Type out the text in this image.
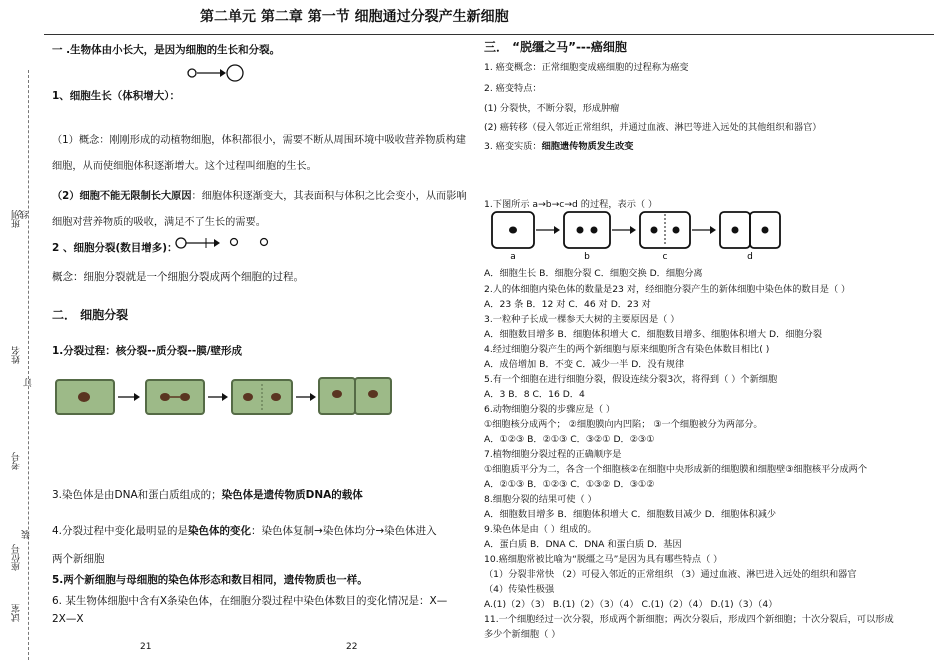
第二单元 第二章 第一节 细胞通过分裂产生新细胞
班别
线
姓名
订
考号
座位号
装
试室
一 .生物体由小长大，是因为细胞的生长和分裂。
1、细胞生长（体积增大）：
（1）概念：刚刚形成的动植物细胞，体积都很小，需要不断从周围环境中吸收营养物质构建细胞，从而使细胞体积逐渐增大。这个过程叫细胞的生长。
（2）细胞不能无限制长大原因：细胞体积逐渐变大，其表面积与体积之比会变小，从而影响细胞对营养物质的吸收，满足不了生长的需要。
2 、细胞分裂(数目增多)：
概念：细胞分裂就是一个细胞分裂成两个细胞的过程。
二． 细胞分裂
1.分裂过程：核分裂--质分裂--膜/壁形成
3.染色体是由DNA和蛋白质组成的；染色体是遗传物质DNA的载体
4.分裂过程中变化最明显的是染色体的变化：染色体复制→染色体均分→染色体进入
两个新细胞
5.两个新细胞与母细胞的染色体形态和数目相同，遗传物质也一样。
6. 某生物体细胞中含有X条染色体，在细胞分裂过程中染色体数目的变化情况是：X—
2X—X
21	22
三． “脱缰之马”---癌细胞
1. 癌变概念：正常细胞变成癌细胞的过程称为癌变
2. 癌变特点：
(1) 分裂快，不断分裂，形成肿瘤
(2) 癌转移（侵入邻近正常组织，并通过血液、淋巴等进入远处的其他组织和器官）
3. 癌变实质：细胞遗传物质发生改变
1.下图所示 a→b→c→d 的过程，表示（ ）
a	b	c	d
A．细胞生长 B．细胞分裂 C．细胞交换 D．细胞分离
2.人的体细胞内染色体的数量是23 对，经细胞分裂产生的新体细胞中染色体的数目是（ ）
A．23 条 B．12 对 C．46 对 D．23 对
3.一粒种子长成一棵参天大树的主要原因是（ ）
A．细胞数目增多 B．细胞体积增大 C．细胞数目增多、细胞体积增大 D．细胞分裂
4.经过细胞分裂产生的两个新细胞与原来细胞所含有染色体数目相比( )
A．成倍增加 B．不变 C．减少一半 D．没有规律
5.有一个细胞在进行细胞分裂，假设连续分裂3次，将得到（ ）个新细胞
A．3 B．8 C．16 D．4
6.动物细胞分裂的步骤应是（ ）
①细胞核分成两个； ②细胞膜向内凹陷； ③一个细胞被分为两部分。
A．①②③ B．②①③ C．③②① D．②③①
7.植物细胞分裂过程的正确顺序是
①细胞质平分为二，各含一个细胞核②在细胞中央形成新的细胞膜和细胞壁③细胞核平分成两个
A．②①③ B．①②③ C．①③② D．③①②
8.细胞分裂的结果可使（ ）
A．细胞数目增多 B．细胞体积增大 C．细胞数目减少 D．细胞体积减少
9.染色体是由（ ）组成的。
A．蛋白质 B．DNA C．DNA 和蛋白质 D．基因
10.癌细胞常被比喻为“脱缰之马”是因为具有哪些特点（ ）
（1）分裂非常快 （2）可侵入邻近的正常组织 （3）通过血液、淋巴进入远处的组织和器官
（4）传染性极强
A.(1)（2）（3） B.(1)（2）（3）（4） C.(1)（2）（4） D.(1)（3）（4）
11.一个细胞经过一次分裂，形成两个新细胞；两次分裂后，形成四个新细胞；十次分裂后，可以形成
多少个新细胞（ ）
